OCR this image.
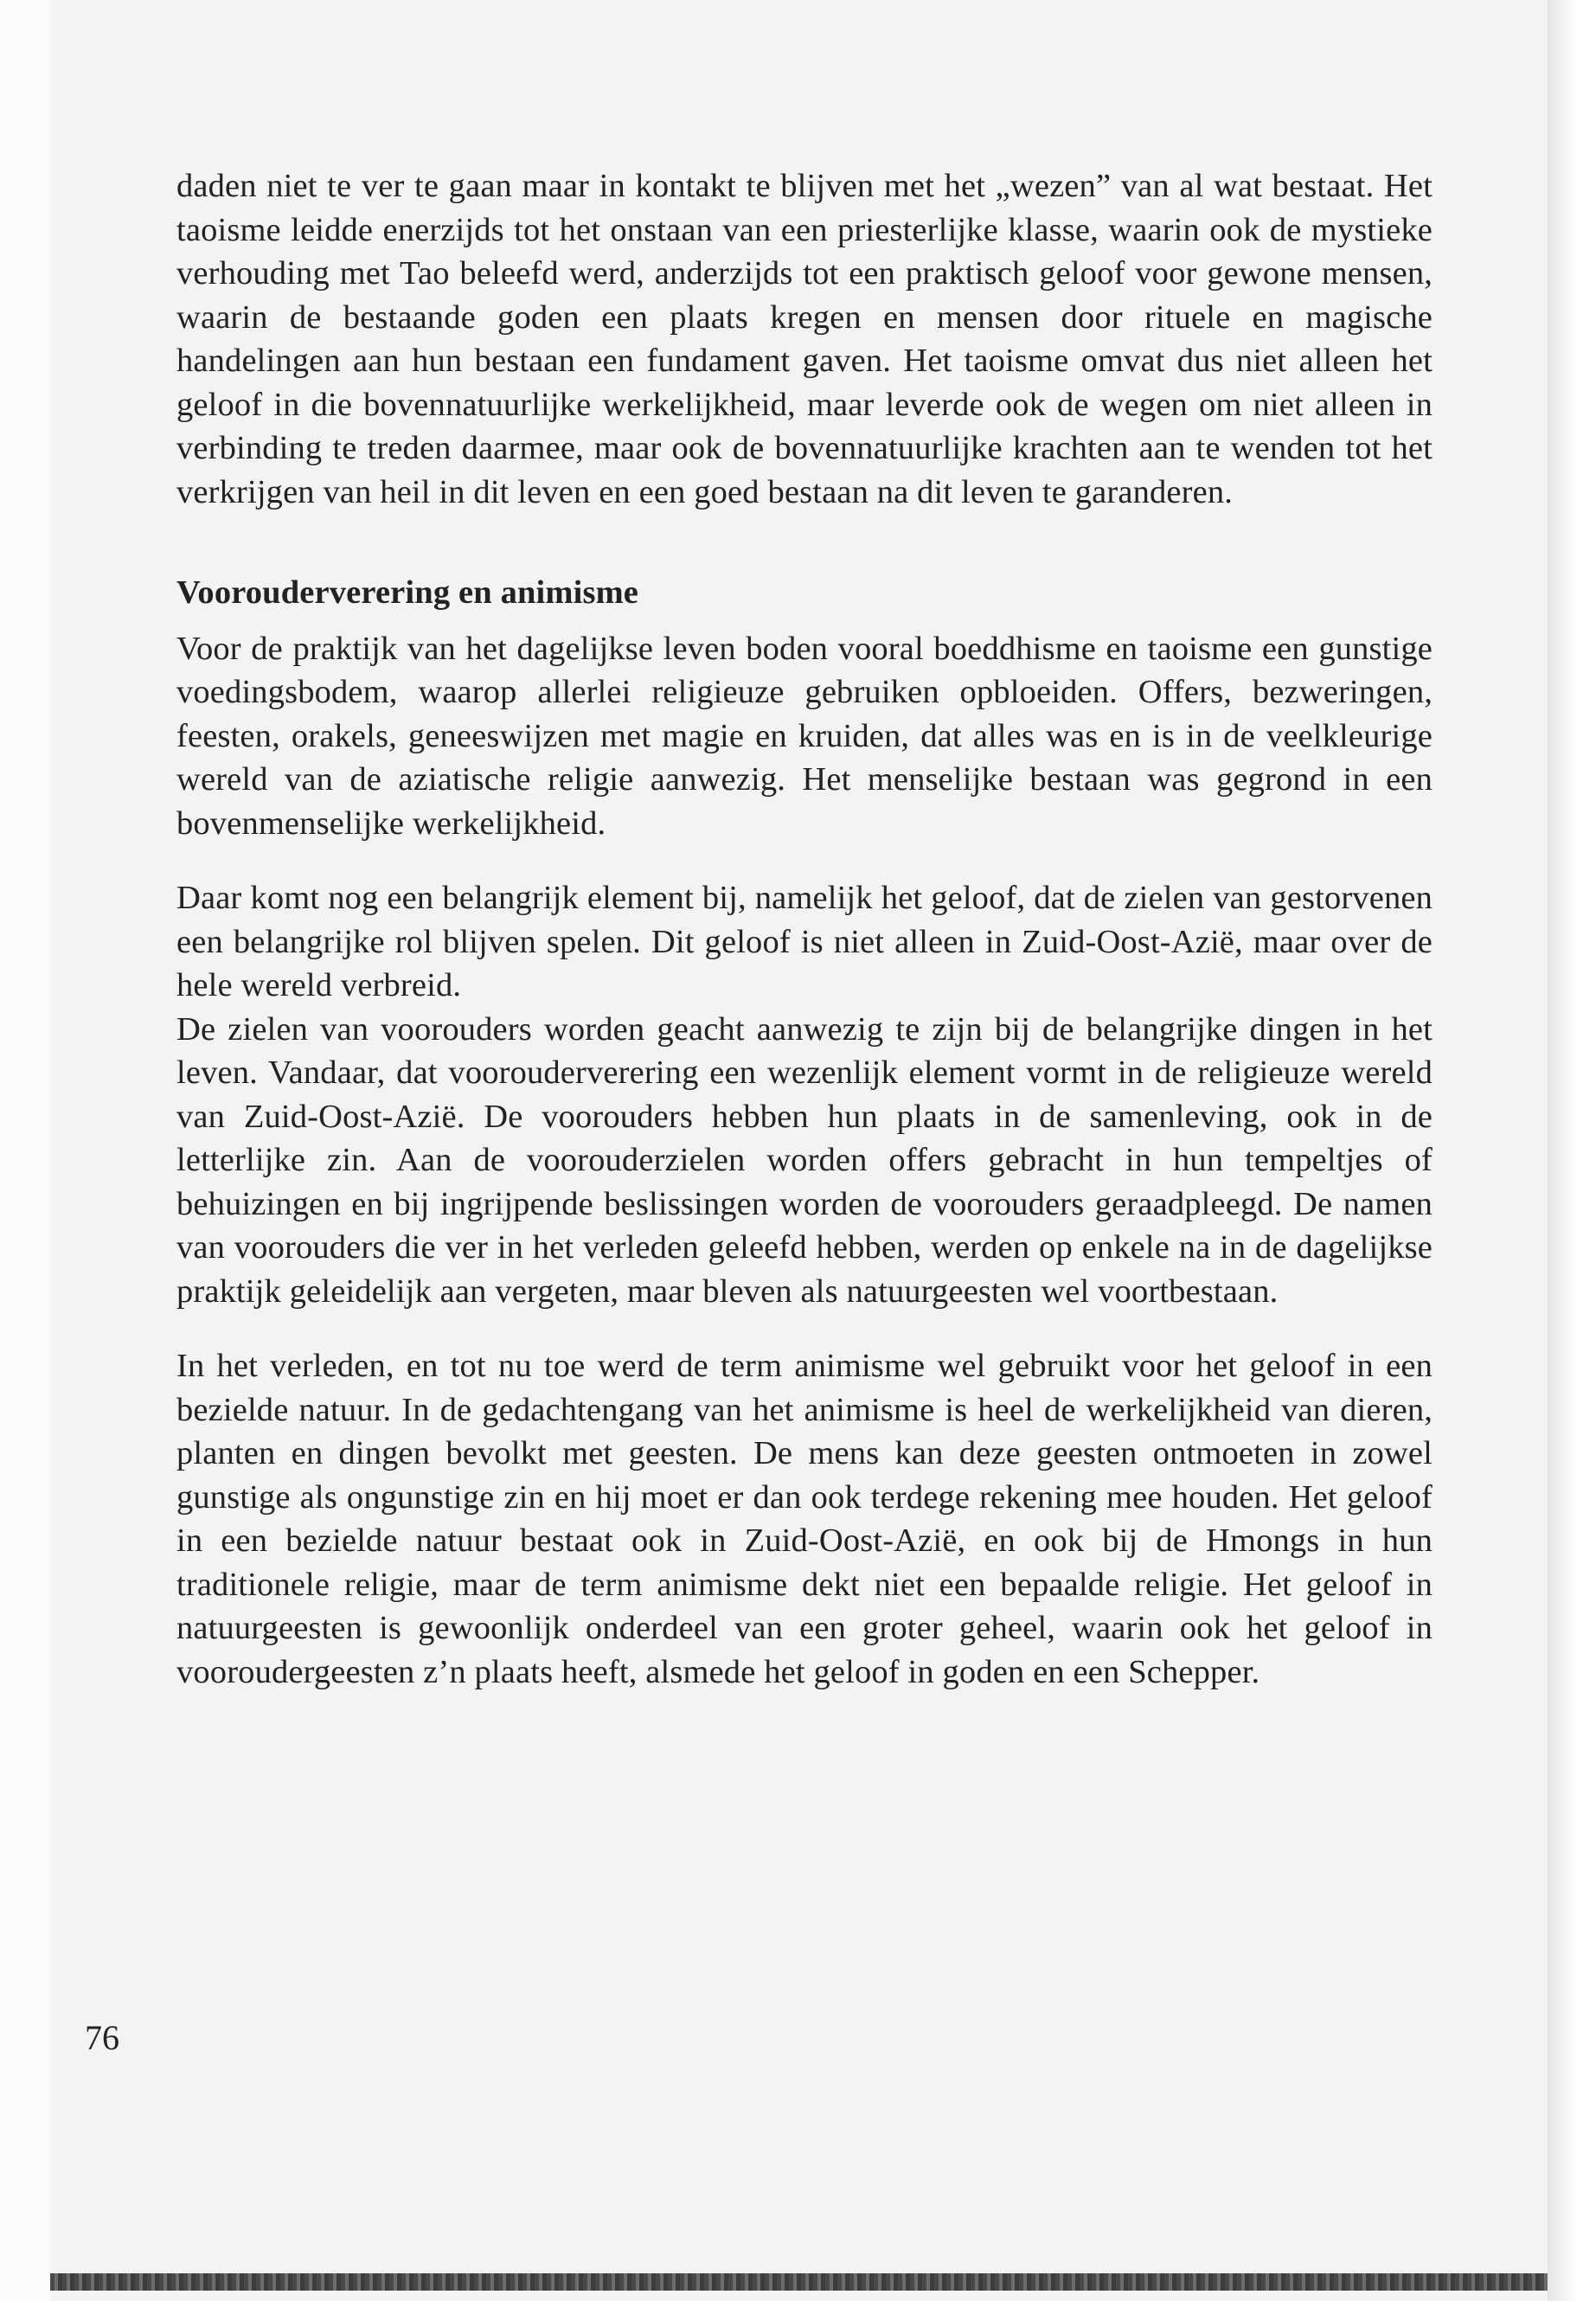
daden niet te ver te gaan maar in kontakt te blijven met het „wezen” van al wat bestaat. Het taoisme leidde enerzijds tot het onstaan van een priesterlijke klasse, waarin ook de mystieke verhouding met Tao beleefd werd, anderzijds tot een praktisch geloof voor gewone mensen, waarin de bestaande goden een plaats kregen en mensen door rituele en magische handelingen aan hun bestaan een fundament gaven. Het taoisme omvat dus niet alleen het geloof in die bovennatuurlijke werkelijkheid, maar leverde ook de wegen om niet alleen in verbinding te treden daarmee, maar ook de bovennatuurlijke krachten aan te wenden tot het verkrijgen van heil in dit leven en een goed bestaan na dit leven te garanderen.

Voorouderverering en animisme

Voor de praktijk van het dagelijkse leven boden vooral boeddhisme en taoisme een gunstige voedingsbodem, waarop allerlei religieuze gebruiken opbloeiden. Offers, bezweringen, feesten, orakels, geneeswijzen met magie en kruiden, dat alles was en is in de veelkleurige wereld van de aziatische religie aanwezig. Het menselijke bestaan was gegrond in een bovenmenselijke werkelijkheid.

Daar komt nog een belangrijk element bij, namelijk het geloof, dat de zielen van gestorvenen een belangrijke rol blijven spelen. Dit geloof is niet alleen in Zuid-Oost-Azië, maar over de hele wereld verbreid.

De zielen van voorouders worden geacht aanwezig te zijn bij de belangrijke dingen in het leven. Vandaar, dat voorouderverering een wezenlijk element vormt in de religieuze wereld van Zuid-Oost-Azië. De voorouders hebben hun plaats in de samenleving, ook in de letterlijke zin. Aan de voorouderzielen worden offers gebracht in hun tempeltjes of behuizingen en bij ingrijpende beslissingen worden de voorouders geraadpleegd. De namen van voorouders die ver in het verleden geleefd hebben, werden op enkele na in de dagelijkse praktijk geleidelijk aan vergeten, maar bleven als natuurgeesten wel voortbestaan.

In het verleden, en tot nu toe werd de term animisme wel gebruikt voor het geloof in een bezielde natuur. In de gedachtengang van het animisme is heel de werkelijkheid van dieren, planten en dingen bevolkt met geesten. De mens kan deze geesten ontmoeten in zowel gunstige als ongunstige zin en hij moet er dan ook terdege rekening mee houden. Het geloof in een bezielde natuur bestaat ook in Zuid-Oost-Azië, en ook bij de Hmongs in hun traditionele religie, maar de term animisme dekt niet een bepaalde religie. Het geloof in natuurgeesten is gewoonlijk onderdeel van een groter geheel, waarin ook het geloof in vooroudergeesten z’n plaats heeft, alsmede het geloof in goden en een Schepper.

76
